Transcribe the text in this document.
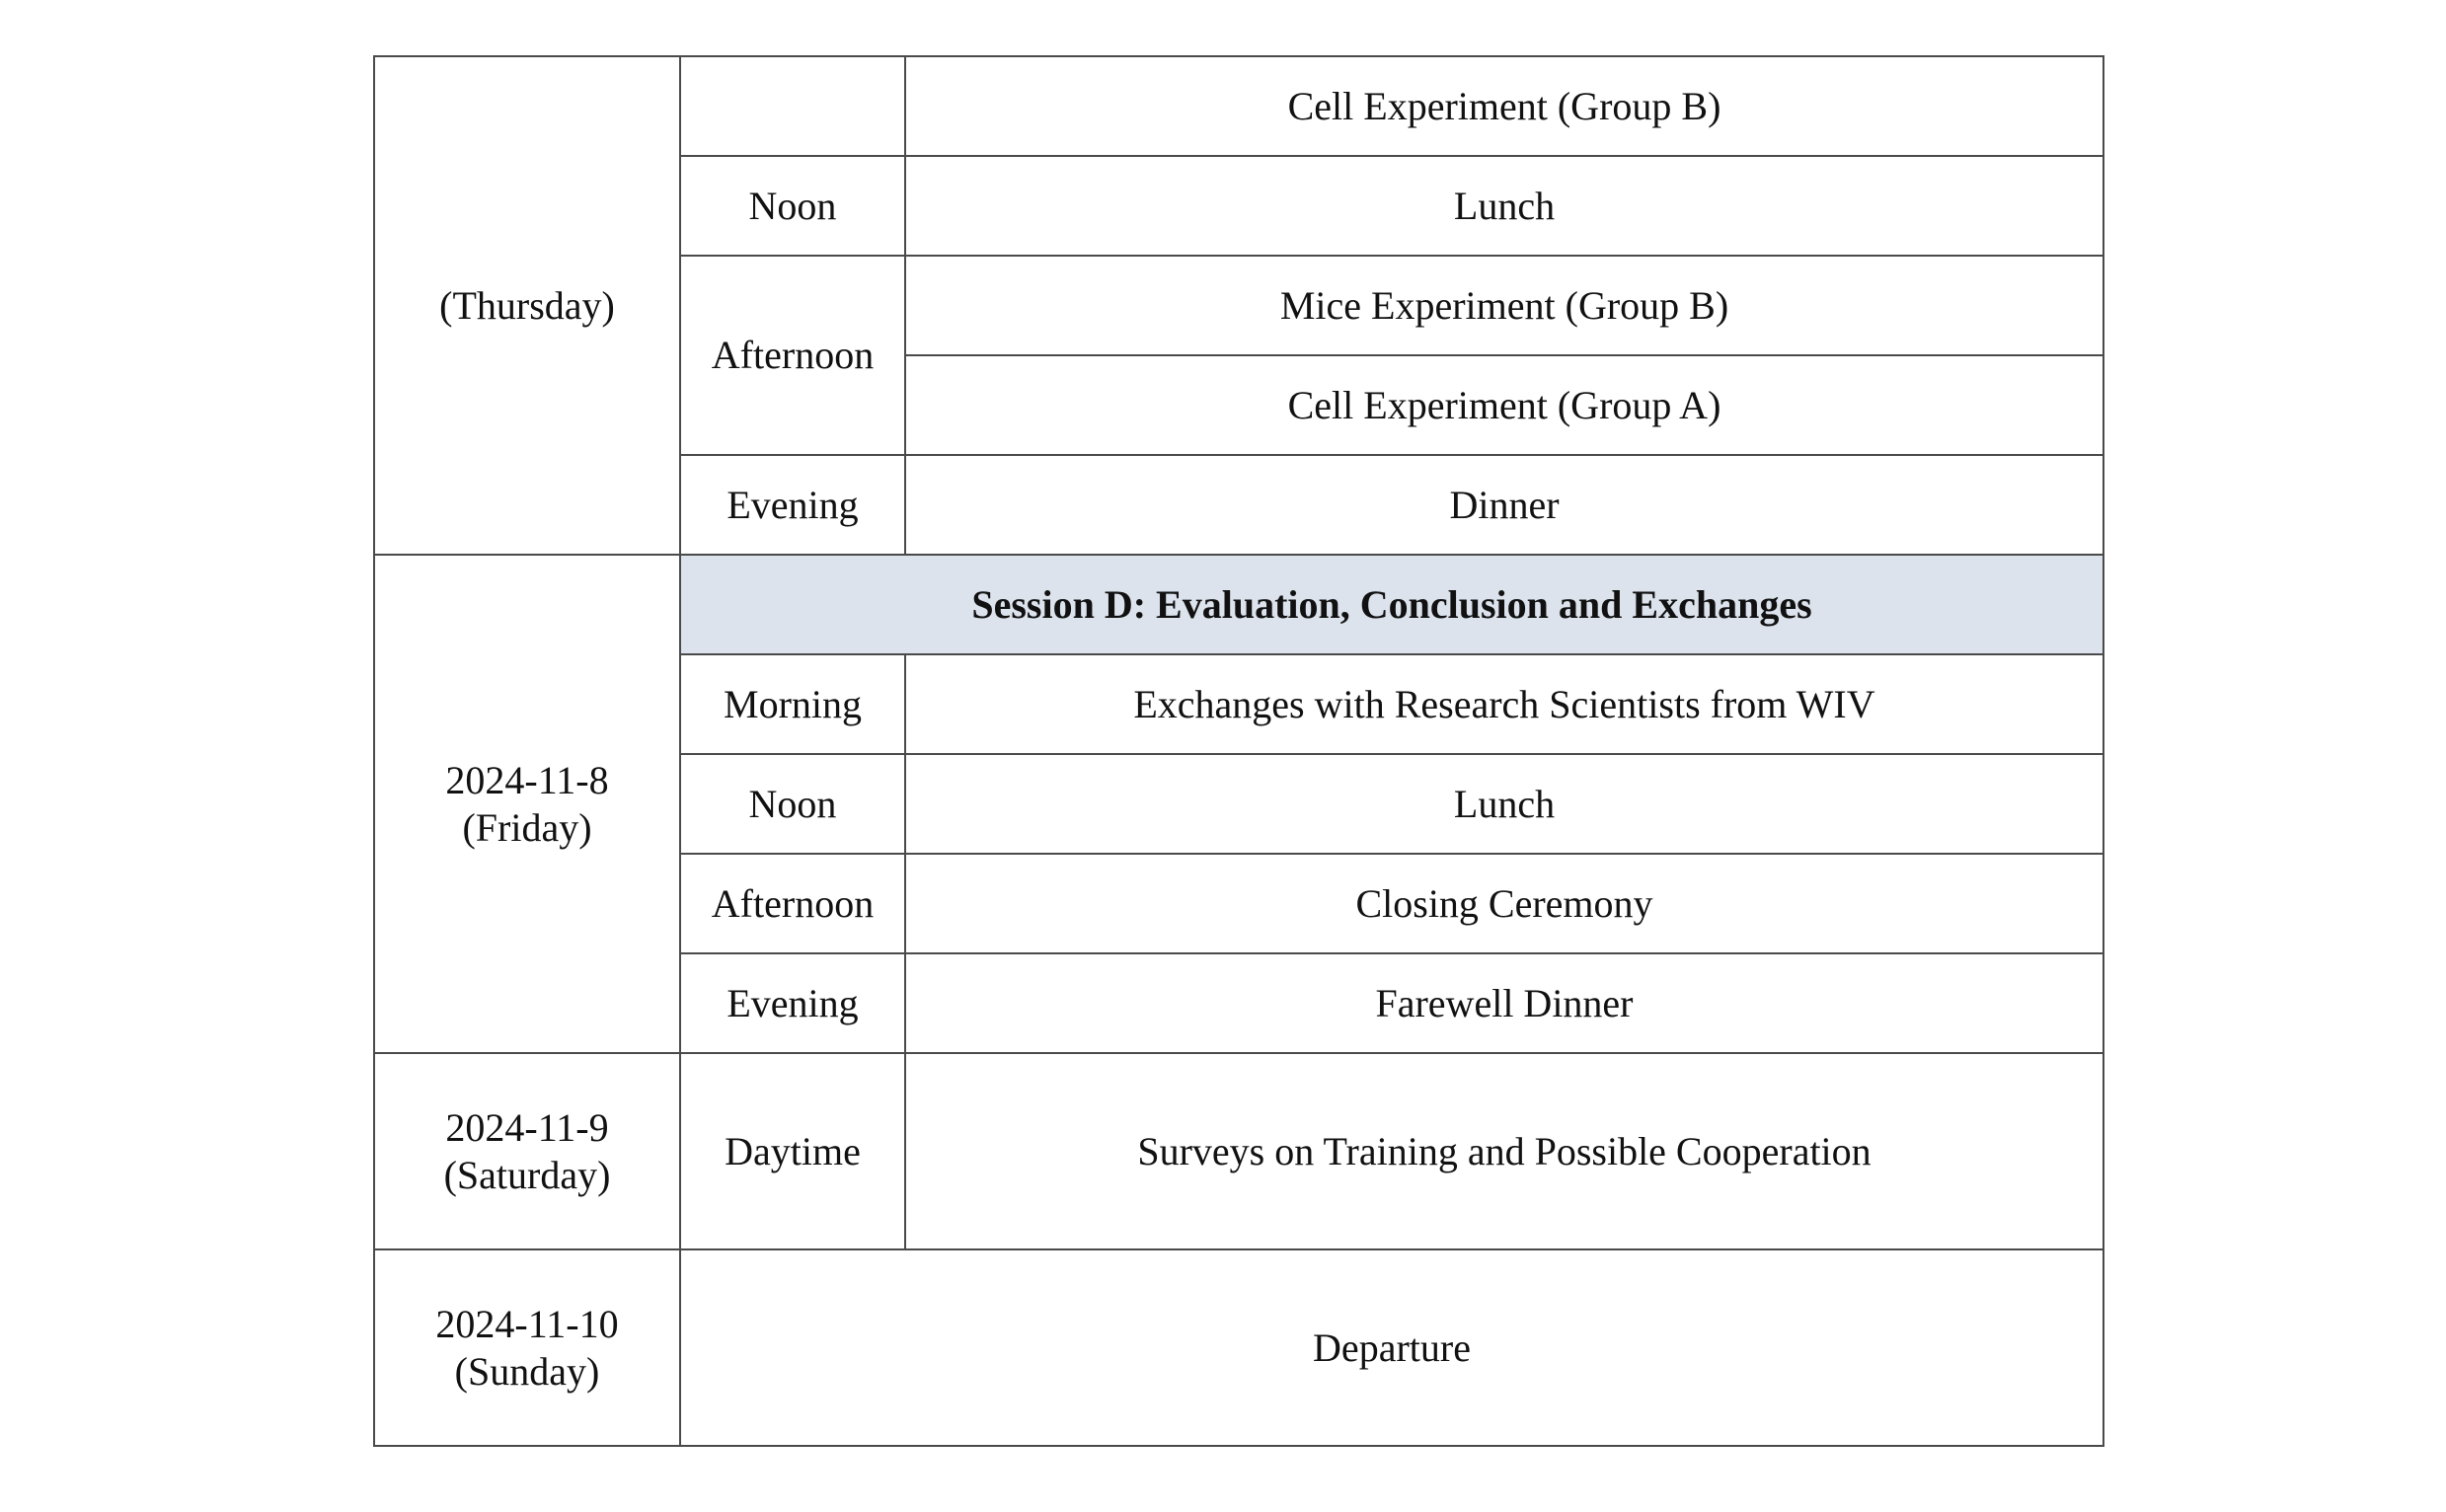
(Thursday)		Cell Experiment (Group B)
	Noon	Lunch
	Afternoon	Mice Experiment (Group B)
		Cell Experiment (Group A)
	Evening	Dinner

2024-11-8
(Friday)	Session D: Evaluation, Conclusion and Exchanges	
	Morning	Exchanges with Research Scientists from WIV
	Noon	Lunch
	Afternoon	Closing Ceremony
	Evening	Farewell Dinner

2024-11-9
(Saturday)	Daytime	Surveys on Training and Possible Cooperation

2024-11-10
(Sunday)	Departure	
